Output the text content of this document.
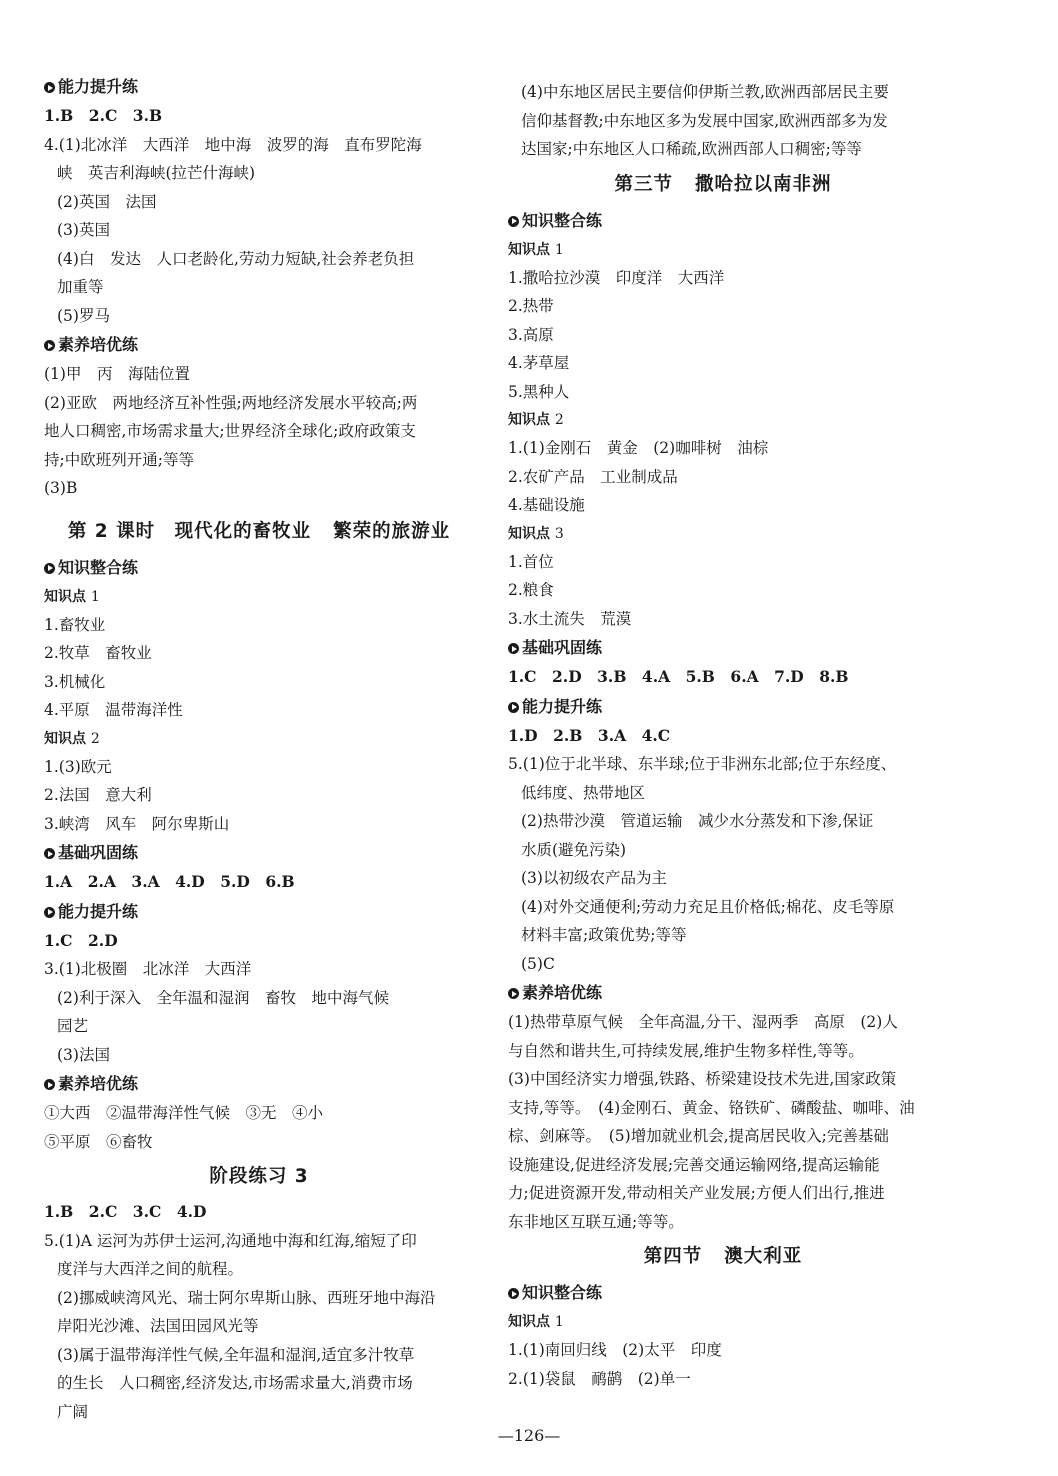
能力提升练
1.B　2.C　3.B
4.(1)北冰洋　大西洋　地中海　波罗的海　直布罗陀海
峡　英吉利海峡(拉芒什海峡)
(2)英国　法国
(3)英国
(4)白　发达　人口老龄化,劳动力短缺,社会养老负担
加重等
(5)罗马
素养培优练
(1)甲　丙　海陆位置
(2)亚欧　两地经济互补性强;两地经济发展水平较高;两
地人口稠密,市场需求量大;世界经济全球化;政府政策支
持;中欧班列开通;等等
(3)B
第 2 课时　现代化的畜牧业 繁荣的旅游业
知识整合练
知识点 1
1.畜牧业
2.牧草　畜牧业
3.机械化
4.平原　温带海洋性
知识点 2
1.(3)欧元
2.法国　意大利
3.峡湾　风车　阿尔卑斯山
基础巩固练
1.A　2.A　3.A　4.D　5.D　6.B
能力提升练
1.C　2.D
3.(1)北极圈　北冰洋　大西洋
(2)利于深入　全年温和湿润　畜牧　地中海气候
园艺
(3)法国
素养培优练
①大西　②温带海洋性气候　③无　④小
⑤平原　⑥畜牧
阶段练习 3
1.B　2.C　3.C　4.D
5.(1)A 运河为苏伊士运河,沟通地中海和红海,缩短了印
度洋与大西洋之间的航程。
(2)挪威峡湾风光、瑞士阿尔卑斯山脉、西班牙地中海沿
岸阳光沙滩、法国田园风光等
(3)属于温带海洋性气候,全年温和湿润,适宜多汁牧草
的生长　人口稠密,经济发达,市场需求量大,消费市场
广阔
(4)中东地区居民主要信仰伊斯兰教,欧洲西部居民主要
信仰基督教;中东地区多为发展中国家,欧洲西部多为发
达国家;中东地区人口稀疏,欧洲西部人口稠密;等等
第三节 撒哈拉以南非洲
知识整合练
知识点 1
1.撒哈拉沙漠　印度洋　大西洋
2.热带
3.高原
4.茅草屋
5.黑种人
知识点 2
1.(1)金刚石　黄金　(2)咖啡树　油棕
2.农矿产品　工业制成品
4.基础设施
知识点 3
1.首位
2.粮食
3.水土流失　荒漠
基础巩固练
1.C　2.D　3.B　4.A　5.B　6.A　7.D　8.B
能力提升练
1.D　2.B　3.A　4.C
5.(1)位于北半球、东半球;位于非洲东北部;位于东经度、
低纬度、热带地区
(2)热带沙漠　管道运输　减少水分蒸发和下渗,保证
水质(避免污染)
(3)以初级农产品为主
(4)对外交通便利;劳动力充足且价格低;棉花、皮毛等原
材料丰富;政策优势;等等
(5)C
素养培优练
(1)热带草原气候　全年高温,分干、湿两季　高原　(2)人
与自然和谐共生,可持续发展,维护生物多样性,等等。
(3)中国经济实力增强,铁路、桥梁建设技术先进,国家政策
支持,等等。　(4)金刚石、黄金、铬铁矿、磷酸盐、咖啡、油
棕、剑麻等。　(5)增加就业机会,提高居民收入;完善基础
设施建设,促进经济发展;完善交通运输网络,提高运输能
力;促进资源开发,带动相关产业发展;方便人们出行,推进
东非地区互联互通;等等。
第四节 澳大利亚
知识整合练
知识点 1
1.(1)南回归线　(2)太平　印度
2.(1)袋鼠　鸸鹋　(2)单一
—126—
